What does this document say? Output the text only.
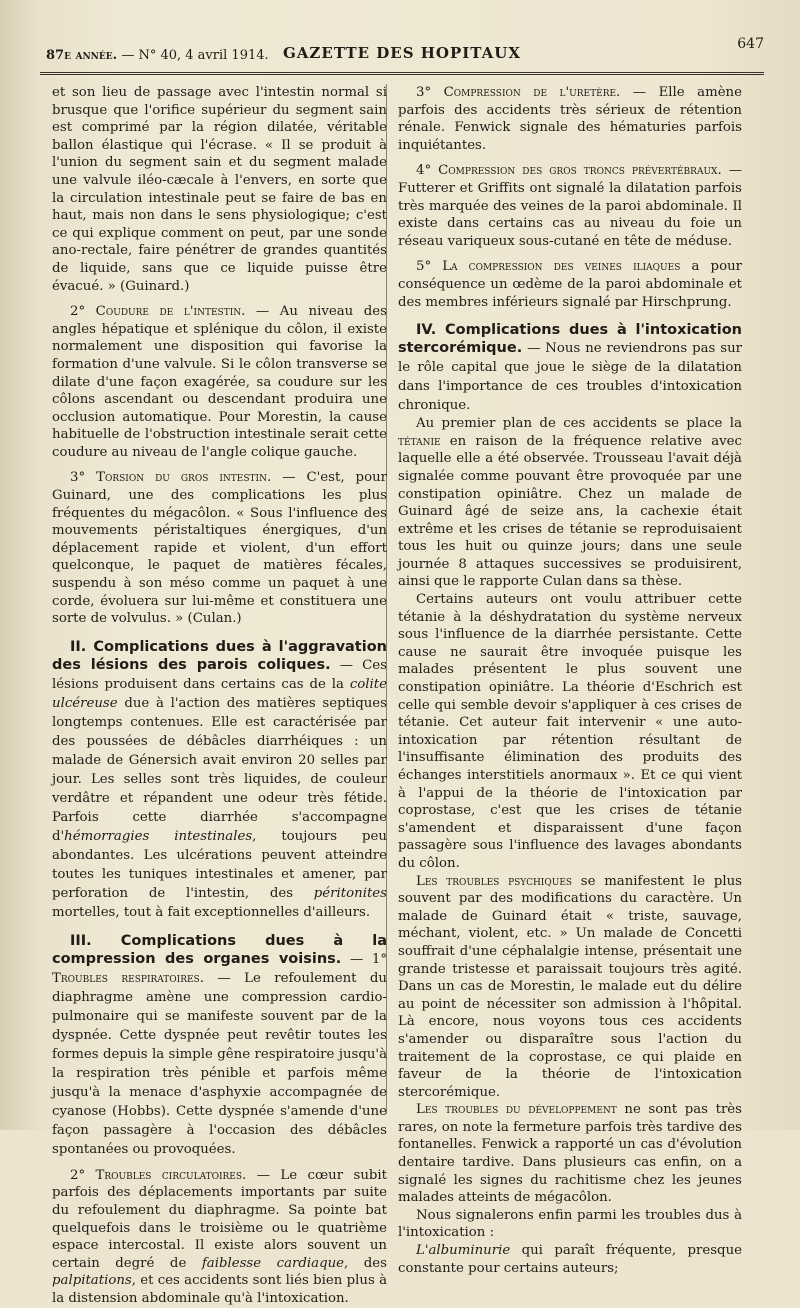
87e année. — N° 40, 4 avril 1914. GAZETTE DES HOPITAUX	647

et son lieu de passage avec l'intestin normal si brusque que l'orifice supérieur du segment sain est comprimé par la région dilatée, véritable ballon élastique qui l'écrase. « Il se produit à l'union du segment sain et du segment malade une valvule iléo-cæcale à l'envers, en sorte que la circulation intestinale peut se faire de bas en haut, mais non dans le sens physiologique; c'est ce qui explique comment on peut, par une sonde ano-rectale, faire pénétrer de grandes quantités de liquide, sans que ce liquide puisse être évacué. » (Guinard.)

2° Coudure de l'intestin. — Au niveau des angles hépatique et splénique du côlon, il existe normalement une disposition qui favorise la formation d'une valvule. Si le côlon transverse se dilate d'une façon exagérée, sa coudure sur les côlons ascendant ou descendant produira une occlusion automatique. Pour Morestin, la cause habituelle de l'obstruction intestinale serait cette coudure au niveau de l'angle colique gauche.

3° Torsion du gros intestin. — C'est, pour Guinard, une des complications les plus fréquentes du mégacôlon. « Sous l'influence des mouvements péristaltiques énergiques, d'un déplacement rapide et violent, d'un effort quelconque, le paquet de matières fécales, suspendu à son méso comme un paquet à une corde, évoluera sur lui-même et constituera une sorte de volvulus. » (Culan.)

II. Complications dues à l'aggravation des lésions des parois coliques. — Ces lésions produisent dans certains cas de la colite ulcéreuse due à l'action des matières septiques longtemps contenues. Elle est caractérisée par des poussées de débâcles diarrhéiques : un malade de Génersich avait environ 20 selles par jour. Les selles sont très liquides, de couleur verdâtre et répandent une odeur très fétide. Parfois cette diarrhée s'accompagne d'hémorragies intestinales, toujours peu abondantes. Les ulcérations peuvent atteindre toutes les tuniques intestinales et amener, par perforation de l'intestin, des péritonites mortelles, tout à fait exceptionnelles d'ailleurs.
III. Complications dues à la compression des organes voisins. — 1° Troubles respiratoires. — Le refoulement du diaphragme amène une compression cardio-pulmonaire qui se manifeste souvent par de la dyspnée. Cette dyspnée peut revêtir toutes les formes depuis la simple gêne respiratoire jusqu'à la respiration très pénible et parfois même jusqu'à la menace d'asphyxie accompagnée de cyanose (Hobbs). Cette dyspnée s'amende d'une façon passagère à l'occasion des débâcles spontanées ou provoquées.

2° Troubles circulatoires. — Le cœur subit parfois des déplacements importants par suite du refoulement du diaphragme. Sa pointe bat quelquefois dans le troisième ou le quatrième espace intercostal. Il existe alors souvent un certain degré de faiblesse cardiaque, des palpitations, et ces accidents sont liés bien plus à la distension abdominale qu'à l'intoxication.

3° Compression de l'uretère. — Elle amène parfois des accidents très sérieux de rétention rénale. Fenwick signale des hématuries parfois inquiétantes.

4° Compression des gros troncs prévertébraux. — Futterer et Griffits ont signalé la dilatation parfois très marquée des veines de la paroi abdominale. Il existe dans certains cas au niveau du foie un réseau variqueux sous-cutané en tête de méduse.

5° La compression des veines iliaques a pour conséquence un œdème de la paroi abdominale et des membres inférieurs signalé par Hirschprung.

IV. Complications dues à l'intoxication stercorémique. — Nous ne reviendrons pas sur le rôle capital que joue le siège de la dilatation dans l'importance de ces troubles d'intoxication chronique.

Au premier plan de ces accidents se place la tétanie en raison de la fréquence relative avec laquelle elle a été observée. Trousseau l'avait déjà signalée comme pouvant être provoquée par une constipation opiniâtre. Chez un malade de Guinard âgé de seize ans, la cachexie était extrême et les crises de tétanie se reproduisaient tous les huit ou quinze jours; dans une seule journée 8 attaques successives se produisirent, ainsi que le rapporte Culan dans sa thèse.

Certains auteurs ont voulu attribuer cette tétanie à la déshydratation du système nerveux sous l'influence de la diarrhée persistante. Cette cause ne saurait être invoquée puisque les malades présentent le plus souvent une constipation opiniâtre. La théorie d'Eschrich est celle qui semble devoir s'appliquer à ces crises de tétanie. Cet auteur fait intervenir « une auto-intoxication par rétention résultant de l'insuffisante élimination des produits des échanges interstitiels anormaux ». Et ce qui vient à l'appui de la théorie de l'intoxication par coprostase, c'est que les crises de tétanie s'amendent et disparaissent d'une façon passagère sous l'influence des lavages abondants du côlon.

Les troubles psychiques se manifestent le plus souvent par des modifications du caractère. Un malade de Guinard était « triste, sauvage, méchant, violent, etc. » Un malade de Concetti souffrait d'une céphalalgie intense, présentait une grande tristesse et paraissait toujours très agité. Dans un cas de Morestin, le malade eut du délire au point de nécessiter son admission à l'hôpital. Là encore, nous voyons tous ces accidents s'amender ou disparaître sous l'action du traitement de la coprostase, ce qui plaide en faveur de la théorie de l'intoxication stercorémique.

Les troubles du développement ne sont pas très rares, on note la fermeture parfois très tardive des fontanelles. Fenwick a rapporté un cas d'évolution dentaire tardive. Dans plusieurs cas enfin, on a signalé les signes du rachitisme chez les jeunes malades atteints de mégacôlon.

Nous signalerons enfin parmi les troubles dus à l'intoxication :

L'albuminurie qui paraît fréquente, presque constante pour certains auteurs;
